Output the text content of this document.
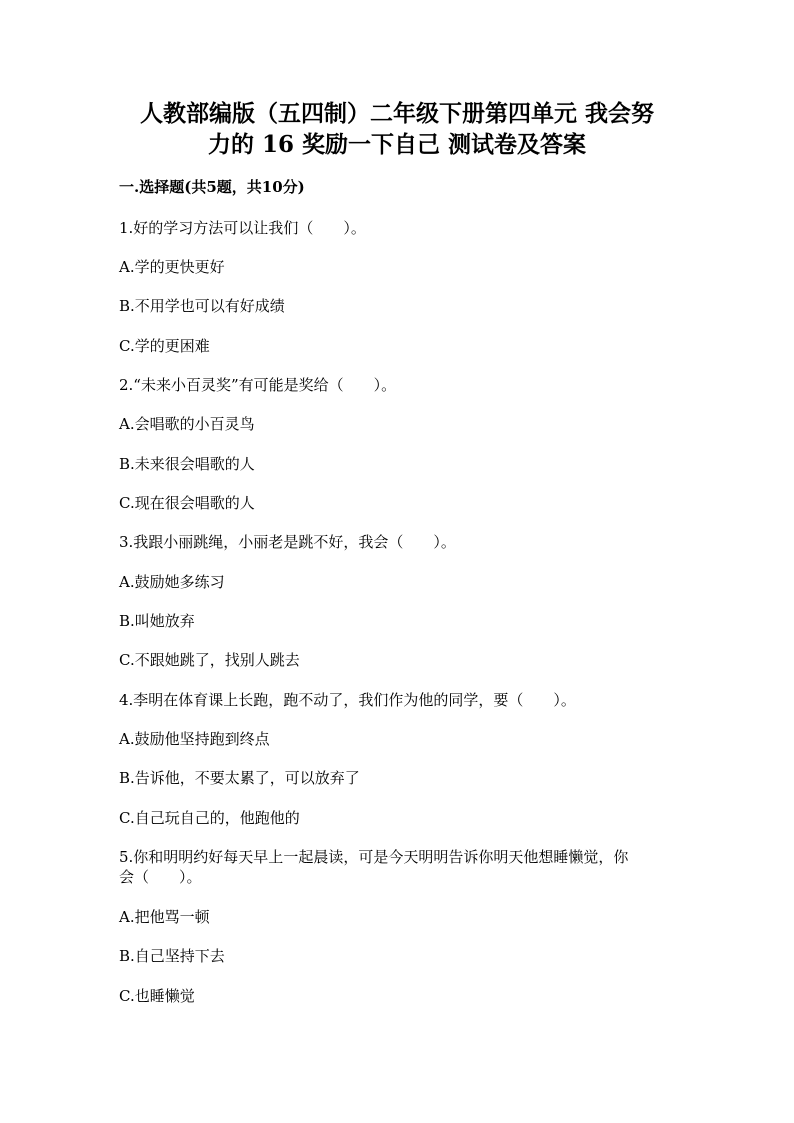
人教部编版（五四制）二年级下册第四单元 我会努
力的 16 奖励一下自己 测试卷及答案
一.选择题(共5题，共10分)
1.好的学习方法可以让我们（　　）。
A.学的更快更好
B.不用学也可以有好成绩
C.学的更困难
2.“未来小百灵奖”有可能是奖给（　　）。
A.会唱歌的小百灵鸟
B.未来很会唱歌的人
C.现在很会唱歌的人
3.我跟小丽跳绳，小丽老是跳不好，我会（　　）。
A.鼓励她多练习
B.叫她放弃
C.不跟她跳了，找别人跳去
4.李明在体育课上长跑，跑不动了，我们作为他的同学，要（　　）。
A.鼓励他坚持跑到终点
B.告诉他，不要太累了，可以放弃了
C.自己玩自己的，他跑他的
5.你和明明约好每天早上一起晨读，可是今天明明告诉你明天他想睡懒觉，你
会（　　）。
A.把他骂一顿
B.自己坚持下去
C.也睡懒觉
